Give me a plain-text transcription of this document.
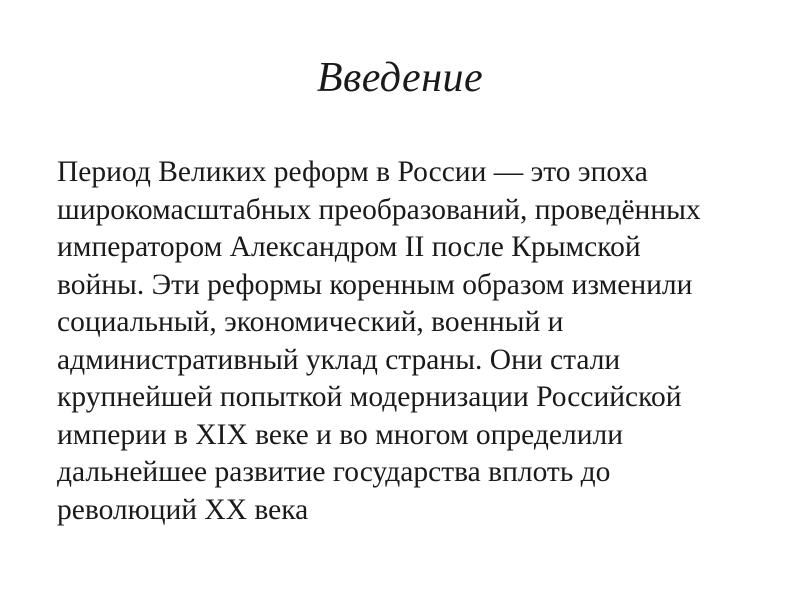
Введение

Период Великих реформ в России — это эпоха
широкомасштабных преобразований, проведённых
императором Александром II после Крымской
войны. Эти реформы коренным образом изменили
социальный, экономический, военный и
административный уклад страны. Они стали
крупнейшей попыткой модернизации Российской
империи в XIX веке и во многом определили
дальнейшее развитие государства вплоть до
революций XX века
